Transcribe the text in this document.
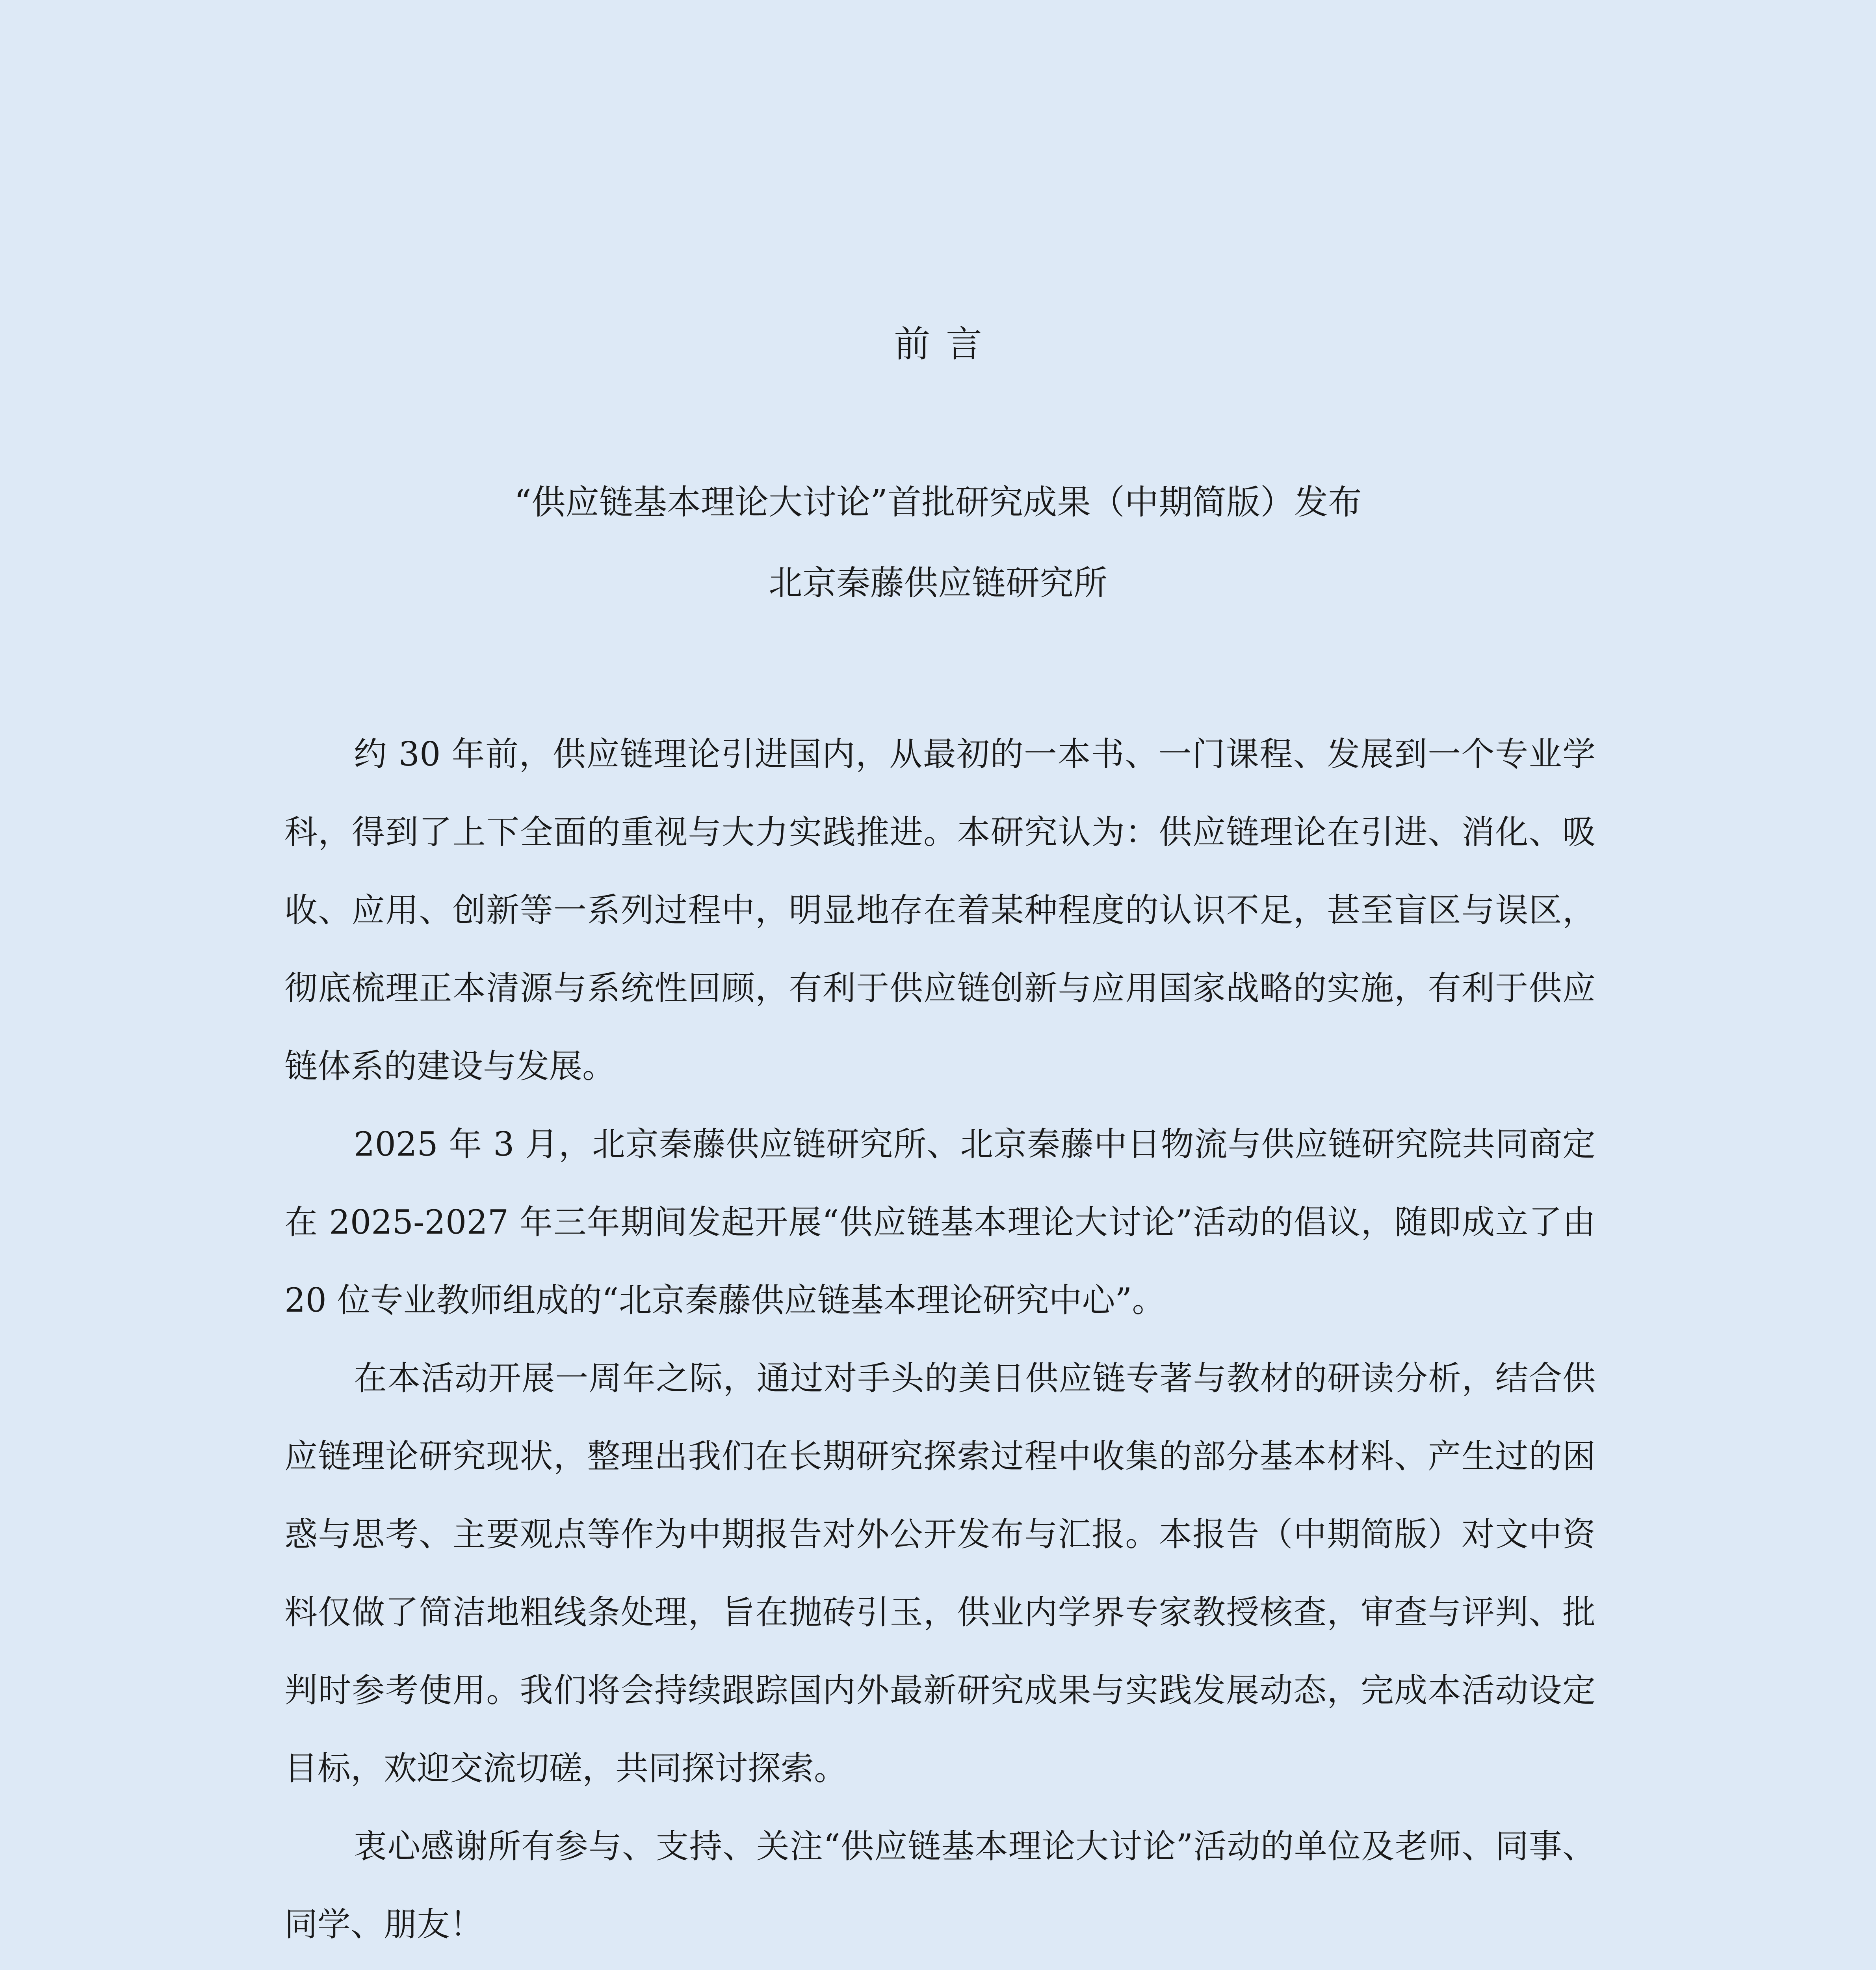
前言
“供应链基本理论大讨论”首批研究成果（中期简版）发布
北京秦藤供应链研究所

约 30 年前，供应链理论引进国内，从最初的一本书、一门课程、发展到一个专业学科，得到了上下全面的重视与大力实践推进。本研究认为：供应链理论在引进、消化、吸收、应用、创新等一系列过程中，明显地存在着某种程度的认识不足，甚至盲区与误区，彻底梳理正本清源与系统性回顾，有利于供应链创新与应用国家战略的实施，有利于供应链体系的建设与发展。

2025 年 3 月，北京秦藤供应链研究所、北京秦藤中日物流与供应链研究院共同商定在 2025-2027 年三年期间发起开展“供应链基本理论大讨论”活动的倡议，随即成立了由 20 位专业教师组成的“北京秦藤供应链基本理论研究中心”。

在本活动开展一周年之际，通过对手头的美日供应链专著与教材的研读分析，结合供应链理论研究现状，整理出我们在长期研究探索过程中收集的部分基本材料、产生过的困惑与思考、主要观点等作为中期报告对外公开发布与汇报。本报告（中期简版）对文中资料仅做了简洁地粗线条处理，旨在抛砖引玉，供业内学界专家教授核查，审查与评判、批判时参考使用。我们将会持续跟踪国内外最新研究成果与实践发展动态，完成本活动设定目标，欢迎交流切磋，共同探讨探索。

衷心感谢所有参与、支持、关注“供应链基本理论大讨论”活动的单位及老师、同事、同学、朋友！
